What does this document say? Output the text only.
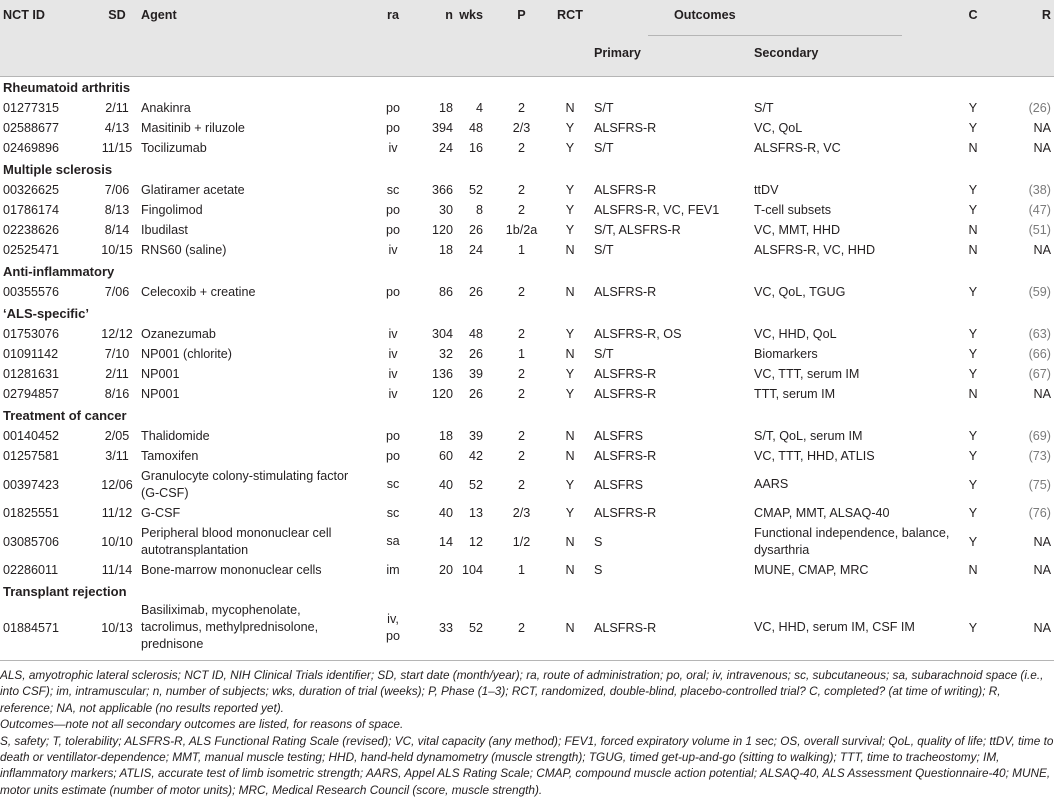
NCT ID	SD	Agent	ra	n	wks	P	RCT	Outcomes		C	R
								Primary	Secondary		
Rheumatoid arthritis											
01277315	2/11	Anakinra	po	18	4	2	N	S/T	S/T	Y	(26)
02588677	4/13	Masitinib + riluzole	po	394	48	2/3	Y	ALSFRS-R	VC, QoL	Y	NA
02469896	11/15	Tocilizumab	iv	24	16	2	Y	S/T	ALSFRS-R, VC	N	NA
Multiple sclerosis											
00326625	7/06	Glatiramer acetate	sc	366	52	2	Y	ALSFRS-R	ttDV	Y	(38)
01786174	8/13	Fingolimod	po	30	8	2	Y	ALSFRS-R, VC, FEV1	T-cell subsets	Y	(47)
02238626	8/14	Ibudilast	po	120	26	1b/2a	Y	S/T, ALSFRS-R	VC, MMT, HHD	N	(51)
02525471	10/15	RNS60 (saline)	iv	18	24	1	N	S/T	ALSFRS-R, VC, HHD	N	NA
Anti-inflammatory											
00355576	7/06	Celecoxib + creatine	po	86	26	2	N	ALSFRS-R	VC, QoL, TGUG	Y	(59)
‘ALS-specific’											
01753076	12/12	Ozanezumab	iv	304	48	2	Y	ALSFRS-R, OS	VC, HHD, QoL	Y	(63)
01091142	7/10	NP001 (chlorite)	iv	32	26	1	N	S/T	Biomarkers	Y	(66)
01281631	2/11	NP001	iv	136	39	2	Y	ALSFRS-R	VC, TTT, serum IM	Y	(67)
02794857	8/16	NP001	iv	120	26	2	Y	ALSFRS-R	TTT, serum IM	N	NA
Treatment of cancer											
00140452	2/05	Thalidomide	po	18	39	2	N	ALSFRS	S/T, QoL, serum IM	Y	(69)
01257581	3/11	Tamoxifen	po	60	42	2	N	ALSFRS-R	VC, TTT, HHD, ATLIS	Y	(73)
00397423	12/06	Granulocyte colony-stimulating factor (G-CSF)	sc	40	52	2	Y	ALSFRS	AARS	Y	(75)
01825551	11/12	G-CSF	sc	40	13	2/3	Y	ALSFRS-R	CMAP, MMT, ALSAQ-40	Y	(76)
03085706	10/10	Peripheral blood mononuclear cell autotransplantation	sa	14	12	1/2	N	S	Functional independence, balance, dysarthria	Y	NA
02286011	11/14	Bone-marrow mononuclear cells	im	20	104	1	N	S	MUNE, CMAP, MRC	N	NA
Transplant rejection											
01884571	10/13	Basiliximab, mycophenolate, tacrolimus, methylprednisolone, prednisone	iv, po	33	52	2	N	ALSFRS-R	VC, HHD, serum IM, CSF IM	Y	NA

ALS, amyotrophic lateral sclerosis; NCT ID, NIH Clinical Trials identifier; SD, start date (month/year); ra, route of administration; po, oral; iv, intravenous; sc, subcutaneous; sa, subarachnoid space (i.e., into CSF); im, intramuscular; n, number of subjects; wks, duration of trial (weeks); P, Phase (1–3); RCT, randomized, double-blind, placebo-controlled trial? C, completed? (at time of writing); R, reference; NA, not applicable (no results reported yet).

Outcomes—note not all secondary outcomes are listed, for reasons of space.

S, safety; T, tolerability; ALSFRS-R, ALS Functional Rating Scale (revised); VC, vital capacity (any method); FEV1, forced expiratory volume in 1 sec; OS, overall survival; QoL, quality of life; ttDV, time to death or ventillator-dependence; MMT, manual muscle testing; HHD, hand-held dynamometry (muscle strength); TGUG, timed get-up-and-go (sitting to walking); TTT, time to tracheostomy; IM, inflammatory markers; ATLIS, accurate test of limb isometric strength; AARS, Appel ALS Rating Scale; CMAP, compound muscle action potential; ALSAQ-40, ALS Assessment Questionnaire-40; MUNE, motor units estimate (number of motor units); MRC, Medical Research Council (score, muscle strength).
